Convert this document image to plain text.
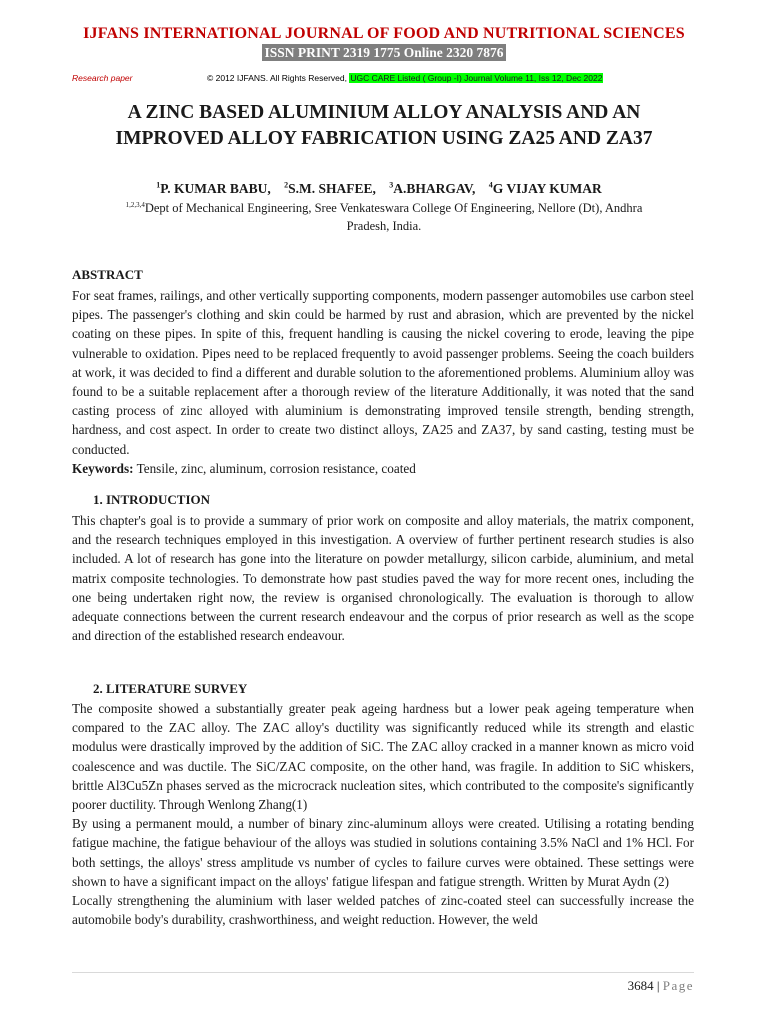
IJFANS INTERNATIONAL JOURNAL OF FOOD AND NUTRITIONAL SCIENCES
ISSN PRINT 2319 1775 Online 2320 7876
Research paper	© 2012 IJFANS. All Rights Reserved, UGC CARE Listed ( Group -I) Journal Volume 11, Iss 12, Dec 2022
A ZINC BASED ALUMINIUM ALLOY ANALYSIS AND AN
IMPROVED ALLOY FABRICATION USING ZA25 AND ZA37
$^1$P. KUMAR BABU, $^2$S.M. SHAFEE, $^3$A.BHARGAV, $^4$G VIJAY KUMAR
$^{1,2,3,4}$Dept of Mechanical Engineering, Sree Venkateswara College Of Engineering, Nellore (Dt), Andhra
Pradesh, India.
ABSTRACT

For seat frames, railings, and other vertically supporting components, modern passenger automobiles use carbon steel pipes. The passenger's clothing and skin could be harmed by rust and abrasion, which are prevented by the nickel coating on these pipes. In spite of this, frequent handling is causing the nickel covering to erode, leaving the pipe vulnerable to oxidation. Pipes need to be replaced frequently to avoid passenger problems. Seeing the coach builders at work, it was decided to find a different and durable solution to the aforementioned problems. Aluminium alloy was found to be a suitable replacement after a thorough review of the literature Additionally, it was noted that the sand casting process of zinc alloyed with aluminium is demonstrating improved tensile strength, bending strength, hardness, and cost aspect. In order to create two distinct alloys, ZA25 and ZA37, by sand casting, testing must be conducted.

Keywords: Tensile, zinc, aluminum, corrosion resistance, coated

1. INTRODUCTION

This chapter's goal is to provide a summary of prior work on composite and alloy materials, the matrix component, and the research techniques employed in this investigation. A overview of further pertinent research studies is also included. A lot of research has gone into the literature on powder metallurgy, silicon carbide, aluminium, and metal matrix composite technologies. To demonstrate how past studies paved the way for more recent ones, including the one being undertaken right now, the review is organised chronologically. The evaluation is thorough to allow adequate connections between the current research endeavour and the corpus of prior research as well as the scope and direction of the established research endeavour.

2. LITERATURE SURVEY

The composite showed a substantially greater peak ageing hardness but a lower peak ageing temperature when compared to the ZAC alloy. The ZAC alloy's ductility was significantly reduced while its strength and elastic modulus were drastically improved by the addition of SiC. The ZAC alloy cracked in a manner known as micro void coalescence and was ductile. The SiC/ZAC composite, on the other hand, was fragile. In addition to SiC whiskers, brittle Al3Cu5Zn phases served as the microcrack nucleation sites, which contributed to the composite's significantly poorer ductility. Through Wenlong Zhang(1)

By using a permanent mould, a number of binary zinc-aluminum alloys were created. Utilising a rotating bending fatigue machine, the fatigue behaviour of the alloys was studied in solutions containing 3.5% NaCl and 1% HCl. For both settings, the alloys' stress amplitude vs number of cycles to failure curves were obtained. These settings were shown to have a significant impact on the alloys' fatigue lifespan and fatigue strength. Written by Murat Aydn (2)

Locally strengthening the aluminium with laser welded patches of zinc-coated steel can successfully increase the automobile body's durability, crashworthiness, and weight reduction. However, the weld

3684 | Page
